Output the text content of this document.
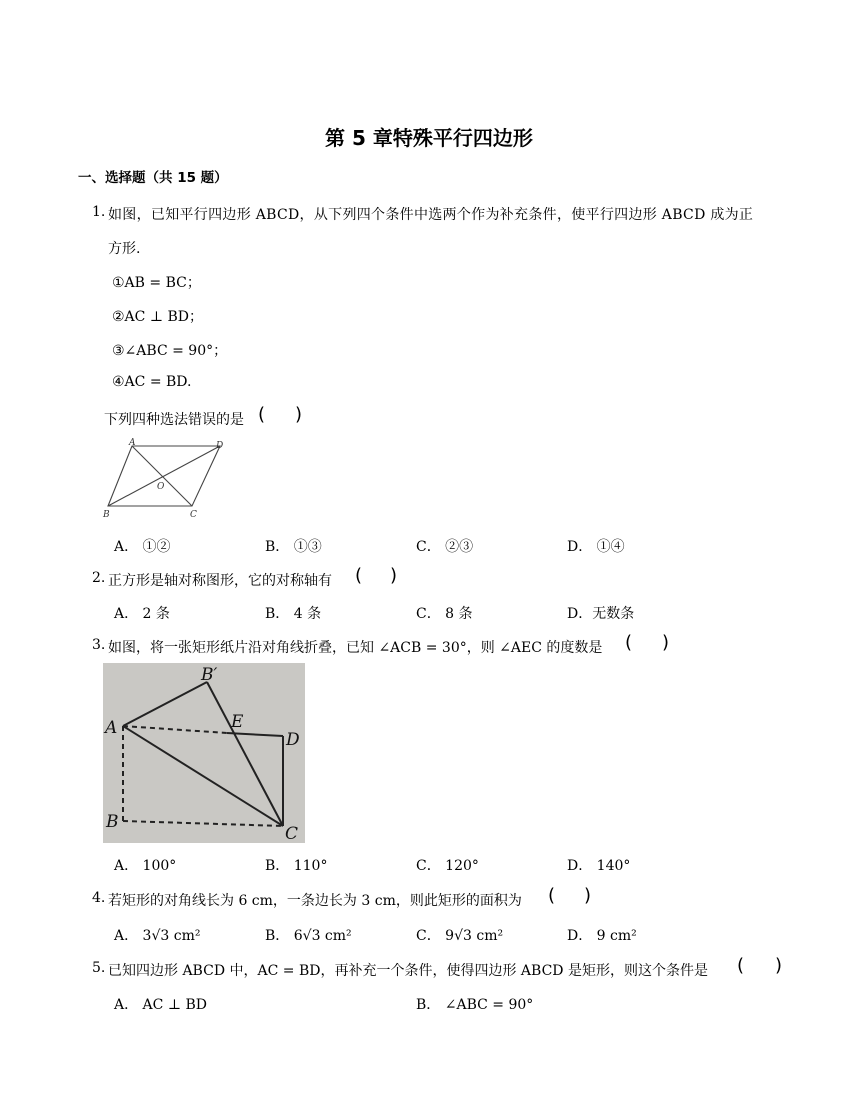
第 5 章特殊平行四边形
一、选择题（共 15 题）
1. 如图，已知平行四边形 ABCD，从下列四个条件中选两个作为补充条件，使平行四边形 ABCD 成为正
方形.
①AB = BC；
②AC ⊥ BD；
③∠ABC = 90°；
④AC = BD.
下列四种选法错误的是 ( )
A	D
O
B	C
A． ①②	B． ①③	C． ②③	D． ①④
2. 正方形是轴对称图形，它的对称轴有 ( )
A． 2 条	B． 4 条	C． 8 条	D．无数条
3. 如图，将一张矩形纸片沿对角线折叠，已知 ∠ACB = 30°，则 ∠AEC 的度数是 ( )
B′
A	E
D
B
C
A． 100°	B． 110°	C． 120°	D． 140°
4. 若矩形的对角线长为 6 cm，一条边长为 3 cm，则此矩形的面积为 ( )
A． 3√3 cm²	B． 6√3 cm²	C． 9√3 cm²	D． 9 cm²
5. 已知四边形 ABCD 中，AC = BD，再补充一个条件，使得四边形 ABCD 是矩形，则这个条件是 ( )
A． AC ⊥ BD	B． ∠ABC = 90°
